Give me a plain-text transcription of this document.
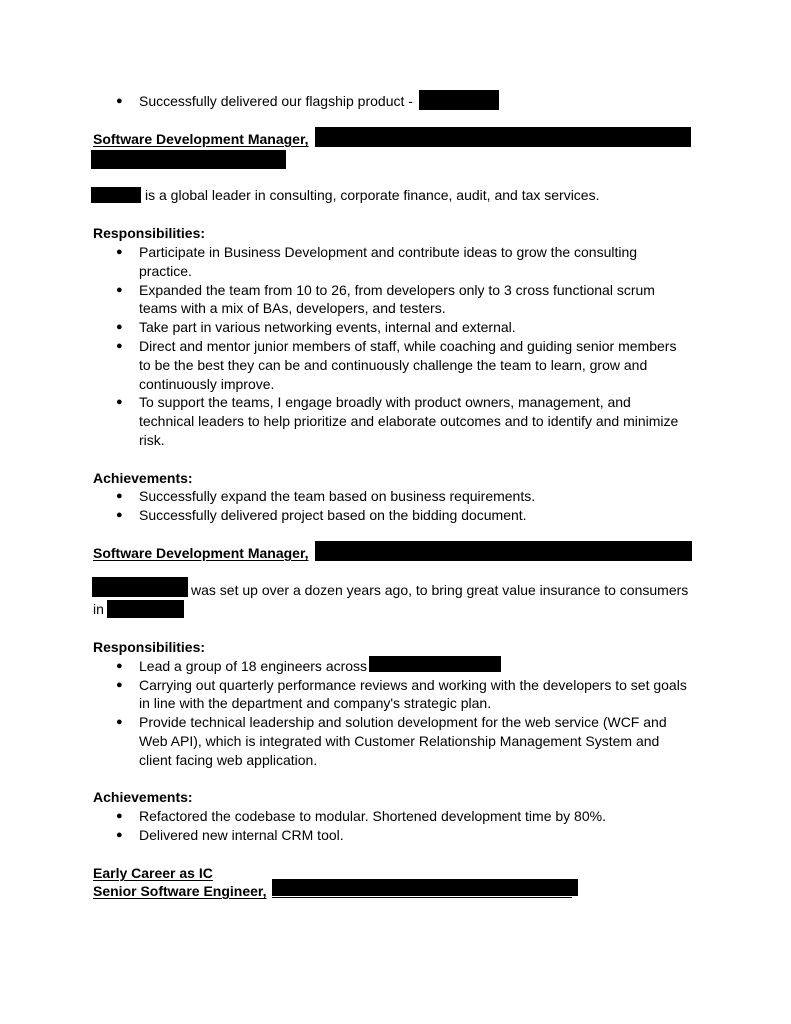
● Successfully delivered our flagship product -
Software Development Manager,
is a global leader in consulting, corporate finance, audit, and tax services.
Responsibilities:
● Participate in Business Development and contribute ideas to grow the consulting
practice.
● Expanded the team from 10 to 26, from developers only to 3 cross functional scrum
teams with a mix of BAs, developers, and testers.
● Take part in various networking events, internal and external.
● Direct and mentor junior members of staff, while coaching and guiding senior members
to be the best they can be and continuously challenge the team to learn, grow and
continuously improve.
● To support the teams, I engage broadly with product owners, management, and
technical leaders to help prioritize and elaborate outcomes and to identify and minimize
risk.
Achievements:
● Successfully expand the team based on business requirements.
● Successfully delivered project based on the bidding document.
Software Development Manager,
was set up over a dozen years ago, to bring great value insurance to consumers
in
Responsibilities:
● Lead a group of 18 engineers across
● Carrying out quarterly performance reviews and working with the developers to set goals
in line with the department and company's strategic plan.
● Provide technical leadership and solution development for the web service (WCF and
Web API), which is integrated with Customer Relationship Management System and
client facing web application.
Achievements:
● Refactored the codebase to modular. Shortened development time by 80%.
● Delivered new internal CRM tool.
Early Career as IC
Senior Software Engineer,
